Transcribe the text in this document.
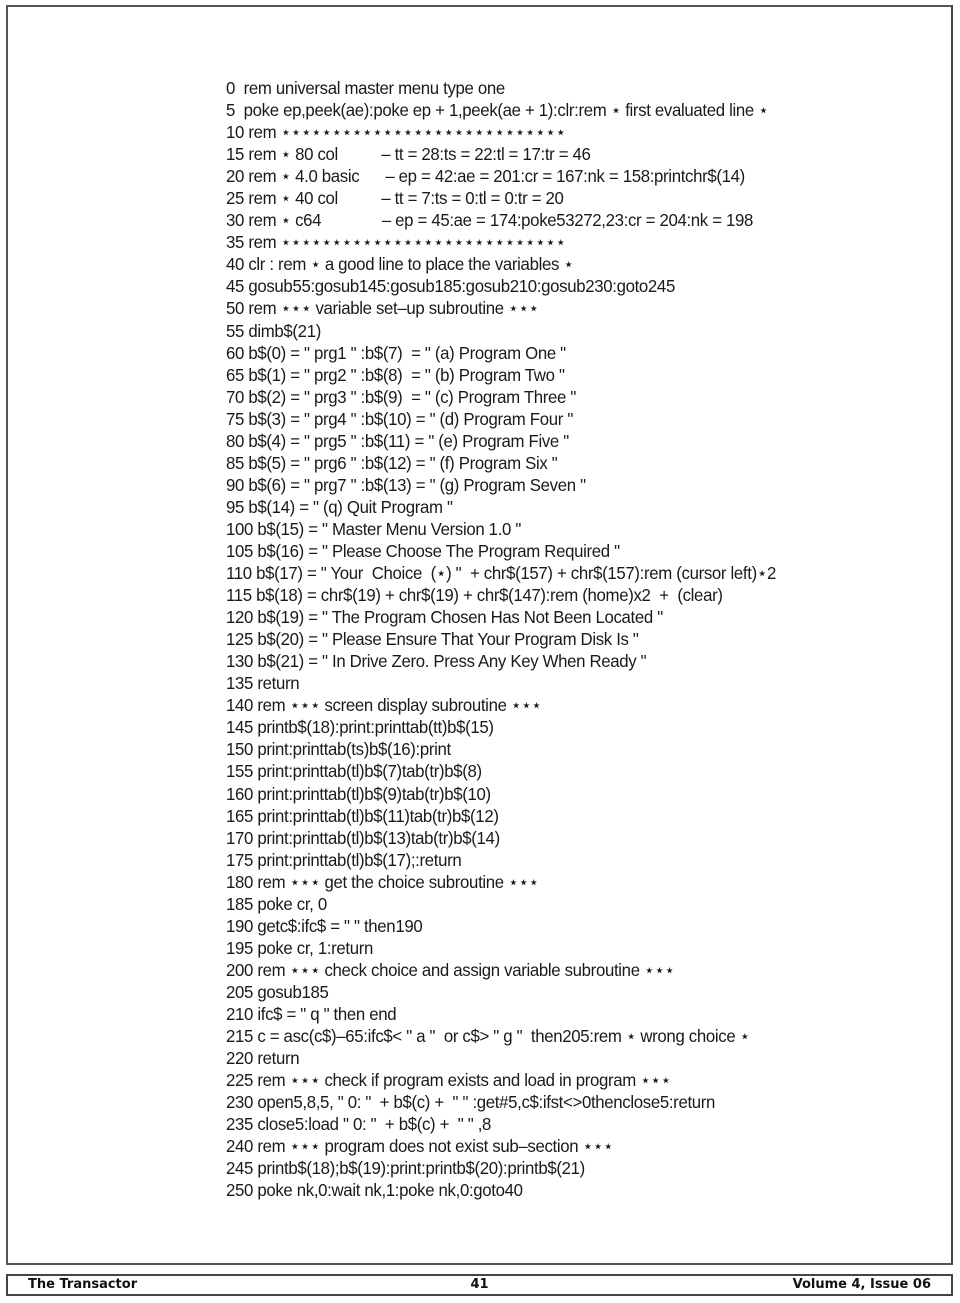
0  rem universal master menu type one
5  poke ep,peek(ae):poke ep + 1,peek(ae + 1):clr:rem ⋆ first evaluated line ⋆
10 rem ⋆⋆⋆⋆⋆⋆⋆⋆⋆⋆⋆⋆⋆⋆⋆⋆⋆⋆⋆⋆⋆⋆⋆⋆⋆⋆⋆⋆
15 rem ⋆ 80 col          – tt = 28:ts = 22:tl = 17:tr = 46
20 rem ⋆ 4.0 basic      – ep = 42:ae = 201:cr = 167:nk = 158:printchr$(14)
25 rem ⋆ 40 col          – tt = 7:ts = 0:tl = 0:tr = 20
30 rem ⋆ c64              – ep = 45:ae = 174:poke53272,23:cr = 204:nk = 198
35 rem ⋆⋆⋆⋆⋆⋆⋆⋆⋆⋆⋆⋆⋆⋆⋆⋆⋆⋆⋆⋆⋆⋆⋆⋆⋆⋆⋆⋆
40 clr : rem ⋆ a good line to place the variables ⋆
45 gosub55:gosub145:gosub185:gosub210:gosub230:goto245
50 rem ⋆⋆⋆ variable set–up subroutine ⋆⋆⋆
55 dimb$(21)
60 b$(0) = " prg1 " :b$(7)  = " (a) Program One "
65 b$(1) = " prg2 " :b$(8)  = " (b) Program Two "
70 b$(2) = " prg3 " :b$(9)  = " (c) Program Three "
75 b$(3) = " prg4 " :b$(10) = " (d) Program Four "
80 b$(4) = " prg5 " :b$(11) = " (e) Program Five "
85 b$(5) = " prg6 " :b$(12) = " (f) Program Six "
90 b$(6) = " prg7 " :b$(13) = " (g) Program Seven "
95 b$(14) = " (q) Quit Program "
100 b$(15) = " Master Menu Version 1.0 "
105 b$(16) = " Please Choose The Program Required "
110 b$(17) = " Your  Choice  (⋆) "  + chr$(157) + chr$(157):rem (cursor left)⋆2
115 b$(18) = chr$(19) + chr$(19) + chr$(147):rem (home)x2  +  (clear)
120 b$(19) = " The Program Chosen Has Not Been Located "
125 b$(20) = " Please Ensure That Your Program Disk Is "
130 b$(21) = " In Drive Zero. Press Any Key When Ready "
135 return
140 rem ⋆⋆⋆ screen display subroutine ⋆⋆⋆
145 printb$(18):print:printtab(tt)b$(15)
150 print:printtab(ts)b$(16):print
155 print:printtab(tl)b$(7)tab(tr)b$(8)
160 print:printtab(tl)b$(9)tab(tr)b$(10)
165 print:printtab(tl)b$(11)tab(tr)b$(12)
170 print:printtab(tl)b$(13)tab(tr)b$(14)
175 print:printtab(tl)b$(17);:return
180 rem ⋆⋆⋆ get the choice subroutine ⋆⋆⋆
185 poke cr, 0
190 getc$:ifc$ = " " then190
195 poke cr, 1:return
200 rem ⋆⋆⋆ check choice and assign variable subroutine ⋆⋆⋆
205 gosub185
210 ifc$ = " q " then end
215 c = asc(c$)–65:ifc$< " a "  or c$> " g "  then205:rem ⋆ wrong choice ⋆
220 return
225 rem ⋆⋆⋆ check if program exists and load in program ⋆⋆⋆
230 open5,8,5, " 0: "  + b$(c) +  " " :get#5,c$:ifst<>0thenclose5:return
235 close5:load " 0: "  + b$(c) +  " " ,8
240 rem ⋆⋆⋆ program does not exist sub–section ⋆⋆⋆
245 printb$(18);b$(19):print:printb$(20):printb$(21)
250 poke nk,0:wait nk,1:poke nk,0:goto40
The Transactor	41	Volume 4, Issue 06
